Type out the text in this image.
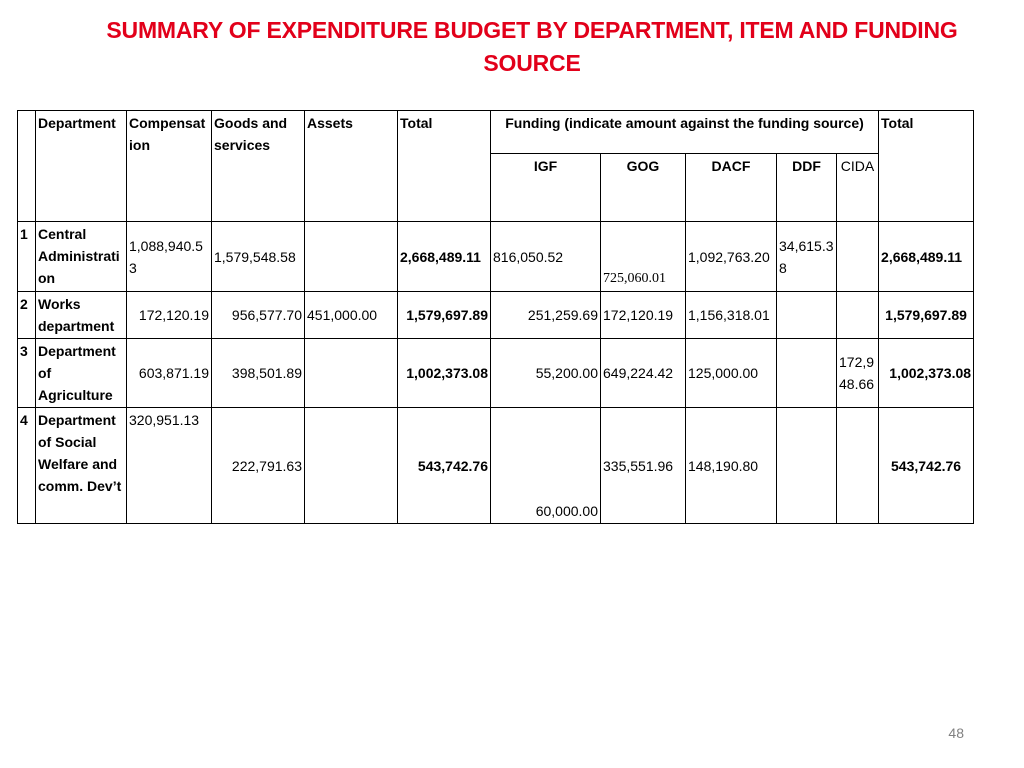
SUMMARY OF EXPENDITURE BUDGET BY DEPARTMENT, ITEM AND FUNDING SOURCE
	Department	Compensation	Goods and services	Assets	Total	Funding (indicate amount against the funding source)					Total
						IGF	GOG	DACF	DDF	CIDA	
1	Central Administration	1,088,940.53	1,579,548.58		2,668,489.11	816,050.52	725,060.01	1,092,763.20	34,615.38		2,668,489.11
2	Works department	172,120.19	956,577.70	451,000.00	1,579,697.89	251,259.69	172,120.19	1,156,318.01			1,579,697.89
3	Department of Agriculture	603,871.19	398,501.89		1,002,373.08	55,200.00	649,224.42	125,000.00		172,948.66	1,002,373.08
4	Department of Social Welfare and comm. Dev’t	320,951.13	222,791.63		543,742.76	60,000.00	335,551.96	148,190.80			543,742.76
48
